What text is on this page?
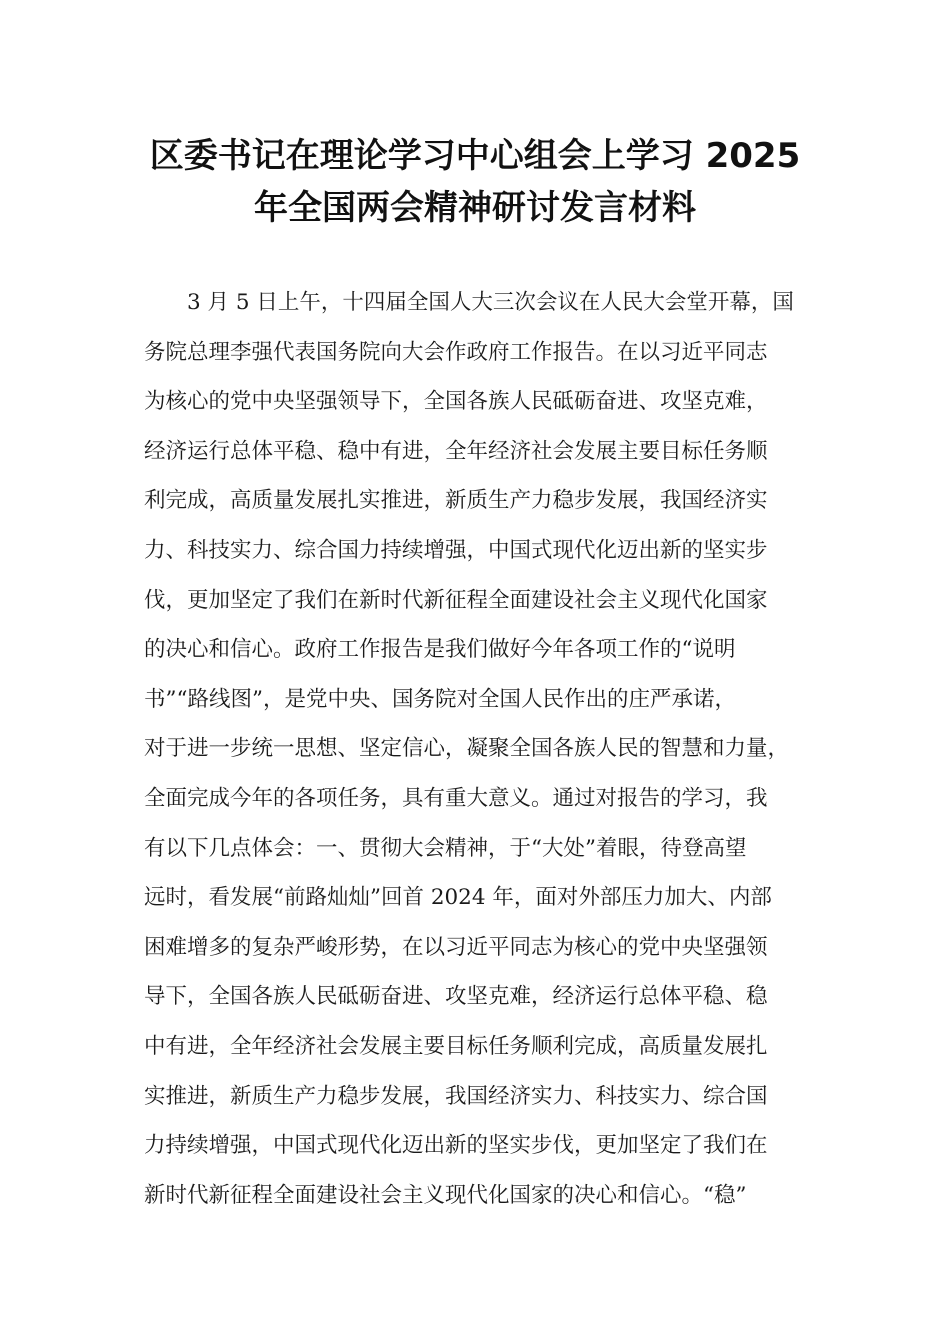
区委书记在理论学习中心组会上学习 2025
年全国两会精神研讨发言材料
3 月 5 日上午，十四届全国人大三次会议在人民大会堂开幕，国
务院总理李强代表国务院向大会作政府工作报告。在以习近平同志
为核心的党中央坚强领导下，全国各族人民砥砺奋进、攻坚克难，
经济运行总体平稳、稳中有进，全年经济社会发展主要目标任务顺
利完成，高质量发展扎实推进，新质生产力稳步发展，我国经济实
力、科技实力、综合国力持续增强，中国式现代化迈出新的坚实步
伐，更加坚定了我们在新时代新征程全面建设社会主义现代化国家
的决心和信心。政府工作报告是我们做好今年各项工作的“说明
书”“路线图”，是党中央、国务院对全国人民作出的庄严承诺，
对于进一步统一思想、坚定信心，凝聚全国各族人民的智慧和力量，
全面完成今年的各项任务，具有重大意义。通过对报告的学习，我
有以下几点体会：一、贯彻大会精神，于“大处”着眼，待登高望
远时，看发展“前路灿灿”回首 2024 年，面对外部压力加大、内部
困难增多的复杂严峻形势，在以习近平同志为核心的党中央坚强领
导下，全国各族人民砥砺奋进、攻坚克难，经济运行总体平稳、稳
中有进，全年经济社会发展主要目标任务顺利完成，高质量发展扎
实推进，新质生产力稳步发展，我国经济实力、科技实力、综合国
力持续增强，中国式现代化迈出新的坚实步伐，更加坚定了我们在
新时代新征程全面建设社会主义现代化国家的决心和信心。“稳”
